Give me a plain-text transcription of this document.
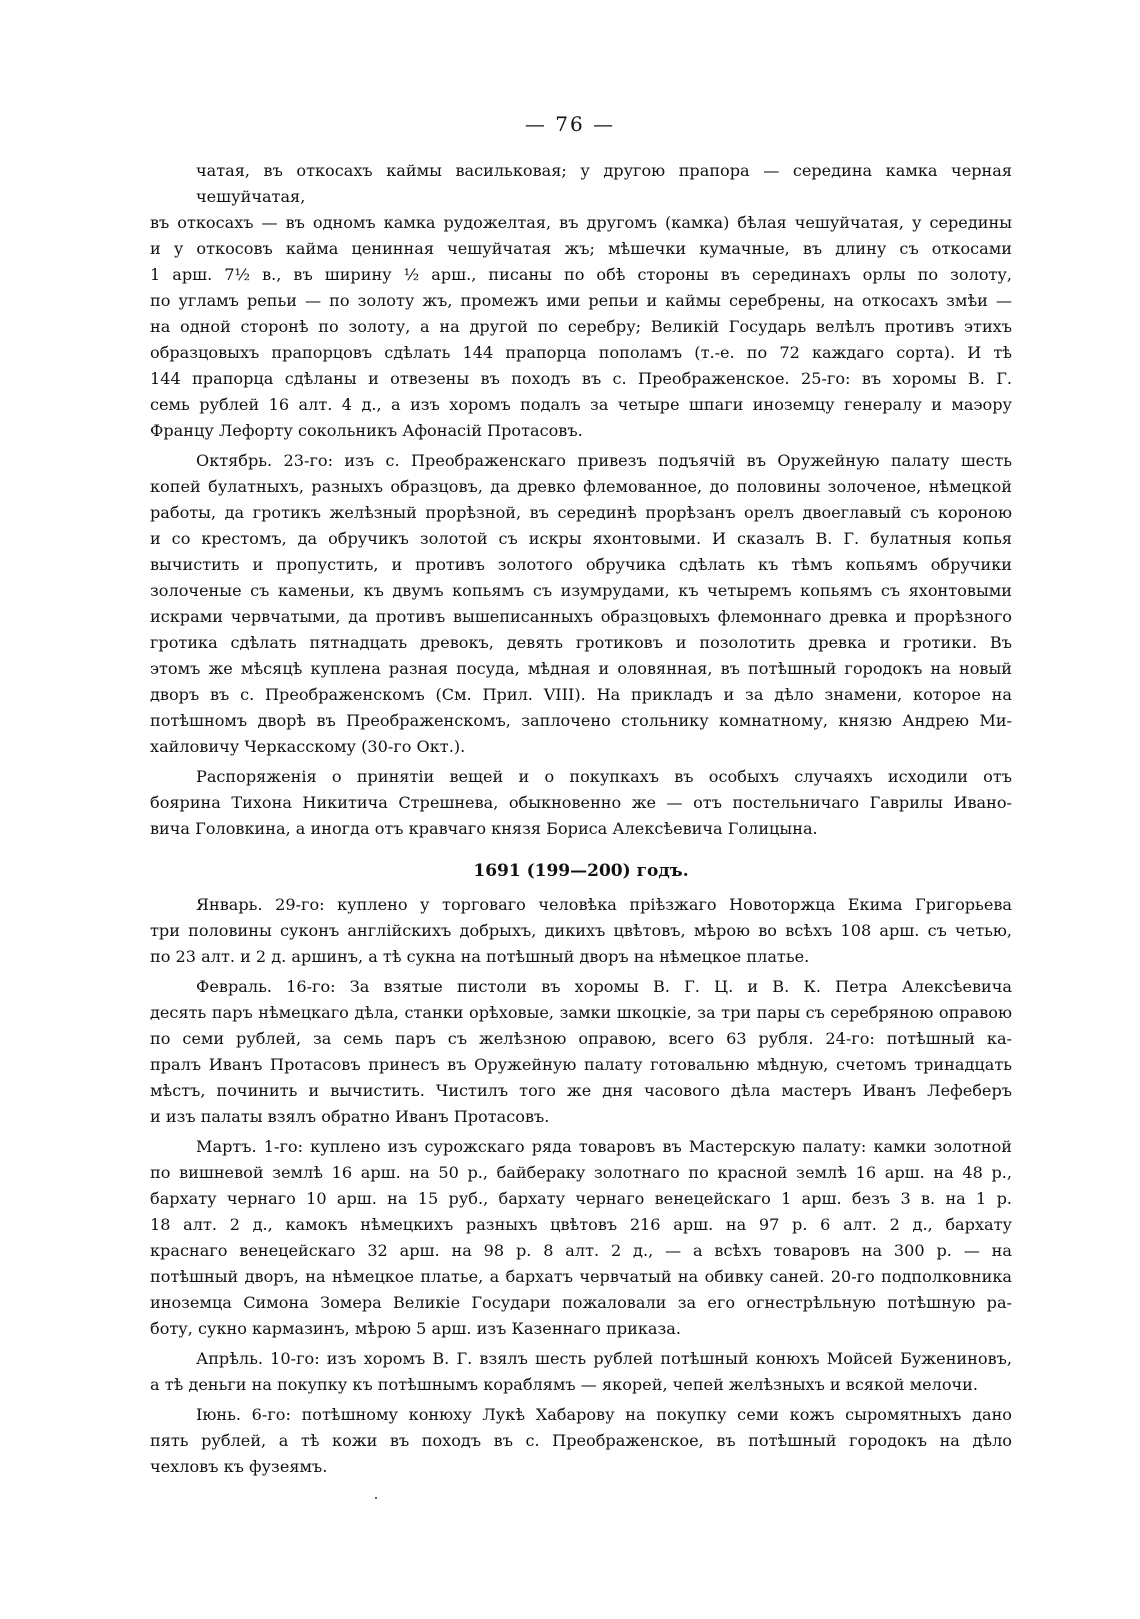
— 76 —
чатая, въ откосахъ каймы васильковая; у другою прапора — середина камка черная чешуйчатая,
въ откосахъ — въ одномъ камка рудожелтая, въ другомъ (камка) бѣлая чешуйчатая, у середины
и у откосовъ кайма ценинная чешуйчатая жъ; мѣшечки кумачные, въ длину съ откосами
1 арш. 7½ в., въ ширину ½ арш., писаны по обѣ стороны въ серединахъ орлы по золоту,
по угламъ репьи — по золоту жъ, промежъ ими репьи и каймы серебрены, на откосахъ змѣи —
на одной сторонѣ по золоту, а на другой по серебру; Великій Государь велѣлъ противъ этихъ
образцовыхъ прапорцовъ сдѣлать 144 прапорца пополамъ (т.-е. по 72 каждаго сорта). И тѣ
144 прапорца сдѣланы и отвезены въ походъ въ с. Преображенское. 25-го: въ хоромы В. Г.
семь рублей 16 алт. 4 д., а изъ хоромъ подалъ за четыре шпаги иноземцу генералу и маэору
Францу Лефорту сокольникъ Афонасій Протасовъ.
Октябрь. 23-го: изъ с. Преображенскаго привезъ подъячій въ Оружейную палату шесть
копей булатныхъ, разныхъ образцовъ, да древко флемованное, до половины золоченое, нѣмецкой
работы, да гротикъ желѣзный прорѣзной, въ серединѣ прорѣзанъ орелъ двоеглавый съ короною
и со крестомъ, да обручикъ золотой съ искры яхонтовыми. И сказалъ В. Г. булатныя копья
вычистить и пропустить, и противъ золотого обручика сдѣлать къ тѣмъ копьямъ обручики
золоченые съ каменьи, къ двумъ копьямъ съ изумрудами, къ четыремъ копьямъ съ яхонтовыми
искрами червчатыми, да противъ вышеписанныхъ образцовыхъ флемоннаго древка и прорѣзного
гротика сдѣлать пятнадцать древокъ, девять гротиковъ и позолотить древка и гротики. Въ
этомъ же мѣсяцѣ куплена разная посуда, мѣдная и оловянная, въ потѣшный городокъ на новый
дворъ въ с. Преображенскомъ (См. Прил. VIII). На прикладъ и за дѣло знамени, которое на
потѣшномъ дворѣ въ Преображенскомъ, заплочено стольнику комнатному, князю Андрею Ми-
хайловичу Черкасскому (30-го Окт.).
Распоряженія о принятіи вещей и о покупкахъ въ особыхъ случаяхъ исходили отъ
боярина Тихона Никитича Стрешнева, обыкновенно же — отъ постельничаго Гаврилы Ивано-
вича Головкина, а иногда отъ кравчаго князя Бориса Алексѣевича Голицына.
1691 (199—200) годъ.
Январь. 29-го: куплено у торговаго человѣка пріѣзжаго Новоторжца Екима Григорьева
три половины суконъ англійскихъ добрыхъ, дикихъ цвѣтовъ, мѣрою во всѣхъ 108 арш. съ четью,
по 23 алт. и 2 д. аршинъ, а тѣ сукна на потѣшный дворъ на нѣмецкое платье.
Февраль. 16-го: За взятые пистоли въ хоромы В. Г. Ц. и В. К. Петра Алексѣевича
десять паръ нѣмецкаго дѣла, станки орѣховые, замки шкоцкіе, за три пары съ серебряною оправою
по семи рублей, за семь паръ съ желѣзною оправою, всего 63 рубля. 24-го: потѣшный ка-
пралъ Иванъ Протасовъ принесъ въ Оружейную палату готовальню мѣдную, счетомъ тринадцать
мѣстъ, починить и вычистить. Чистилъ того же дня часового дѣла мастеръ Иванъ Лефеберъ
и изъ палаты взялъ обратно Иванъ Протасовъ.
Мартъ. 1-го: куплено изъ сурожскаго ряда товаровъ въ Мастерскую палату: камки золотной
по вишневой землѣ 16 арш. на 50 р., байбераку золотнаго по красной землѣ 16 арш. на 48 р.,
бархату чернаго 10 арш. на 15 руб., бархату чернаго венецейскаго 1 арш. безъ 3 в. на 1 р.
18 алт. 2 д., камокъ нѣмецкихъ разныхъ цвѣтовъ 216 арш. на 97 р. 6 алт. 2 д., бархату
краснаго венецейскаго 32 арш. на 98 р. 8 алт. 2 д., — а всѣхъ товаровъ на 300 р. — на
потѣшный дворъ, на нѣмецкое платье, а бархатъ червчатый на обивку саней. 20-го подполковника
иноземца Симона Зомера Великіе Государи пожаловали за его огнестрѣльную потѣшную ра-
боту, сукно кармазинъ, мѣрою 5 арш. изъ Казеннаго приказа.
Апрѣль. 10-го: изъ хоромъ В. Г. взялъ шесть рублей потѣшный конюхъ Мойсей Бужениновъ,
а тѣ деньги на покупку къ потѣшнымъ кораблямъ — якорей, чепей желѣзныхъ и всякой мелочи.
Іюнь. 6-го: потѣшному конюху Лукѣ Хабарову на покупку семи кожъ сыромятныхъ дано
пять рублей, а тѣ кожи въ походъ въ с. Преображенское, въ потѣшный городокъ на дѣло
чехловъ къ фузеямъ.
